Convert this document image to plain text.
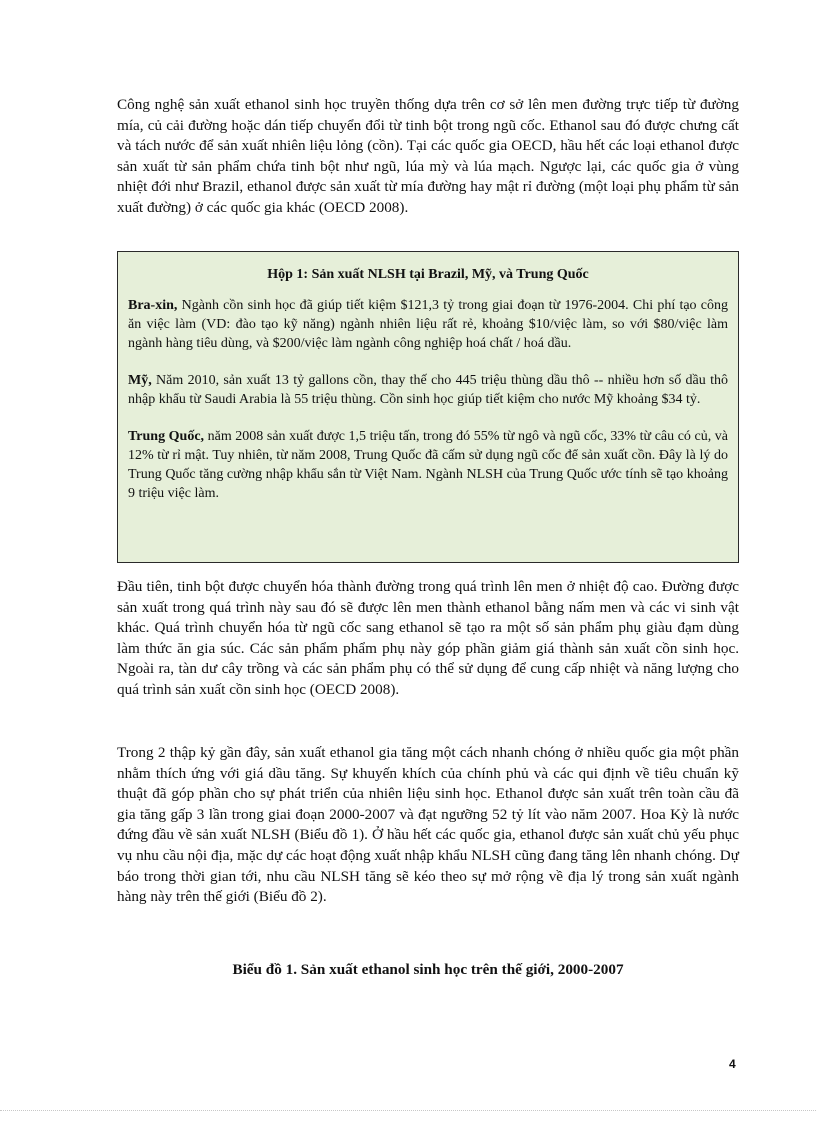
Công nghệ sản xuất ethanol sinh học truyền thống dựa trên cơ sở lên men đường trực tiếp từ đường mía, củ cải đường hoặc dán tiếp chuyển đổi từ tinh bột trong ngũ cốc. Ethanol sau đó được chưng cất và tách nước để sản xuất nhiên liệu lỏng (cồn). Tại các quốc gia OECD, hầu hết các loại ethanol được sản xuất từ sản phẩm chứa tinh bột như ngũ, lúa mỳ và lúa mạch. Ngược lại, các quốc gia ở vùng nhiệt đới như Brazil, ethanol được sản xuất từ mía đường hay mật rỉ đường (một loại phụ phẩm từ sản xuất đường) ở các quốc gia khác (OECD 2008).

Hộp 1: Sản xuất NLSH tại Brazil, Mỹ, và Trung Quốc

Bra-xin, Ngành cồn sinh học đã giúp tiết kiệm $121,3 tỷ trong giai đoạn từ 1976-2004. Chi phí tạo công ăn việc làm (VD: đào tạo kỹ năng) ngành nhiên liệu rất rẻ, khoảng $10/việc làm, so với $80/việc làm ngành hàng tiêu dùng, và $200/việc làm ngành công nghiệp hoá chất / hoá dầu.

Mỹ, Năm 2010, sản xuất 13 tỷ gallons cồn, thay thế cho 445 triệu thùng dầu thô -- nhiều hơn số dầu thô nhập khẩu từ Saudi Arabia là 55 triệu thùng. Cồn sinh học giúp tiết kiệm cho nước Mỹ khoảng $34 tỷ.

Trung Quốc, năm 2008 sản xuất được 1,5 triệu tấn, trong đó 55% từ ngô và ngũ cốc, 33% từ câu có củ, và 12% từ rỉ mật. Tuy nhiên, từ năm 2008, Trung Quốc đã cấm sử dụng ngũ cốc để sản xuất cồn. Đây là lý do Trung Quốc tăng cường nhập khẩu sắn từ Việt Nam. Ngành NLSH của Trung Quốc ước tính sẽ tạo khoảng 9 triệu việc làm.

Đầu tiên, tinh bột được chuyển hóa thành đường trong quá trình lên men ở nhiệt độ cao. Đường được sản xuất trong quá trình này sau đó sẽ được lên men thành ethanol bằng nấm men và các vi sinh vật khác. Quá trình chuyển hóa từ ngũ cốc sang ethanol sẽ tạo ra một số sản phẩm phụ giàu đạm dùng làm thức ăn gia súc. Các sản phẩm phẩm phụ này góp phần giảm giá thành sản xuất cồn sinh học. Ngoài ra, tàn dư cây trồng và các sản phẩm phụ có thể sử dụng để cung cấp nhiệt và năng lượng cho quá trình sản xuất cồn sinh học (OECD 2008).

Trong 2 thập kỷ gần đây, sản xuất ethanol gia tăng một cách nhanh chóng ở nhiều quốc gia một phần nhằm thích ứng với giá dầu tăng. Sự khuyến khích của chính phủ và các qui định về tiêu chuẩn kỹ thuật đã góp phần cho sự phát triển của nhiên liệu sinh học. Ethanol được sản xuất trên toàn cầu đã gia tăng gấp 3 lần trong giai đoạn 2000-2007 và đạt ngưỡng 52 tỷ lít vào năm 2007. Hoa Kỳ là nước đứng đầu về sản xuất NLSH (Biểu đồ 1). Ở hầu hết các quốc gia, ethanol được sản xuất chủ yếu phục vụ nhu cầu nội địa, mặc dự các hoạt động xuất nhập khẩu NLSH cũng đang tăng lên nhanh chóng. Dự báo trong thời gian tới, nhu cầu NLSH tăng sẽ kéo theo sự mở rộng về địa lý trong sản xuất ngành hàng này trên thế giới (Biểu đồ 2).

Biểu đồ 1. Sản xuất ethanol sinh học trên thế giới, 2000-2007

4
